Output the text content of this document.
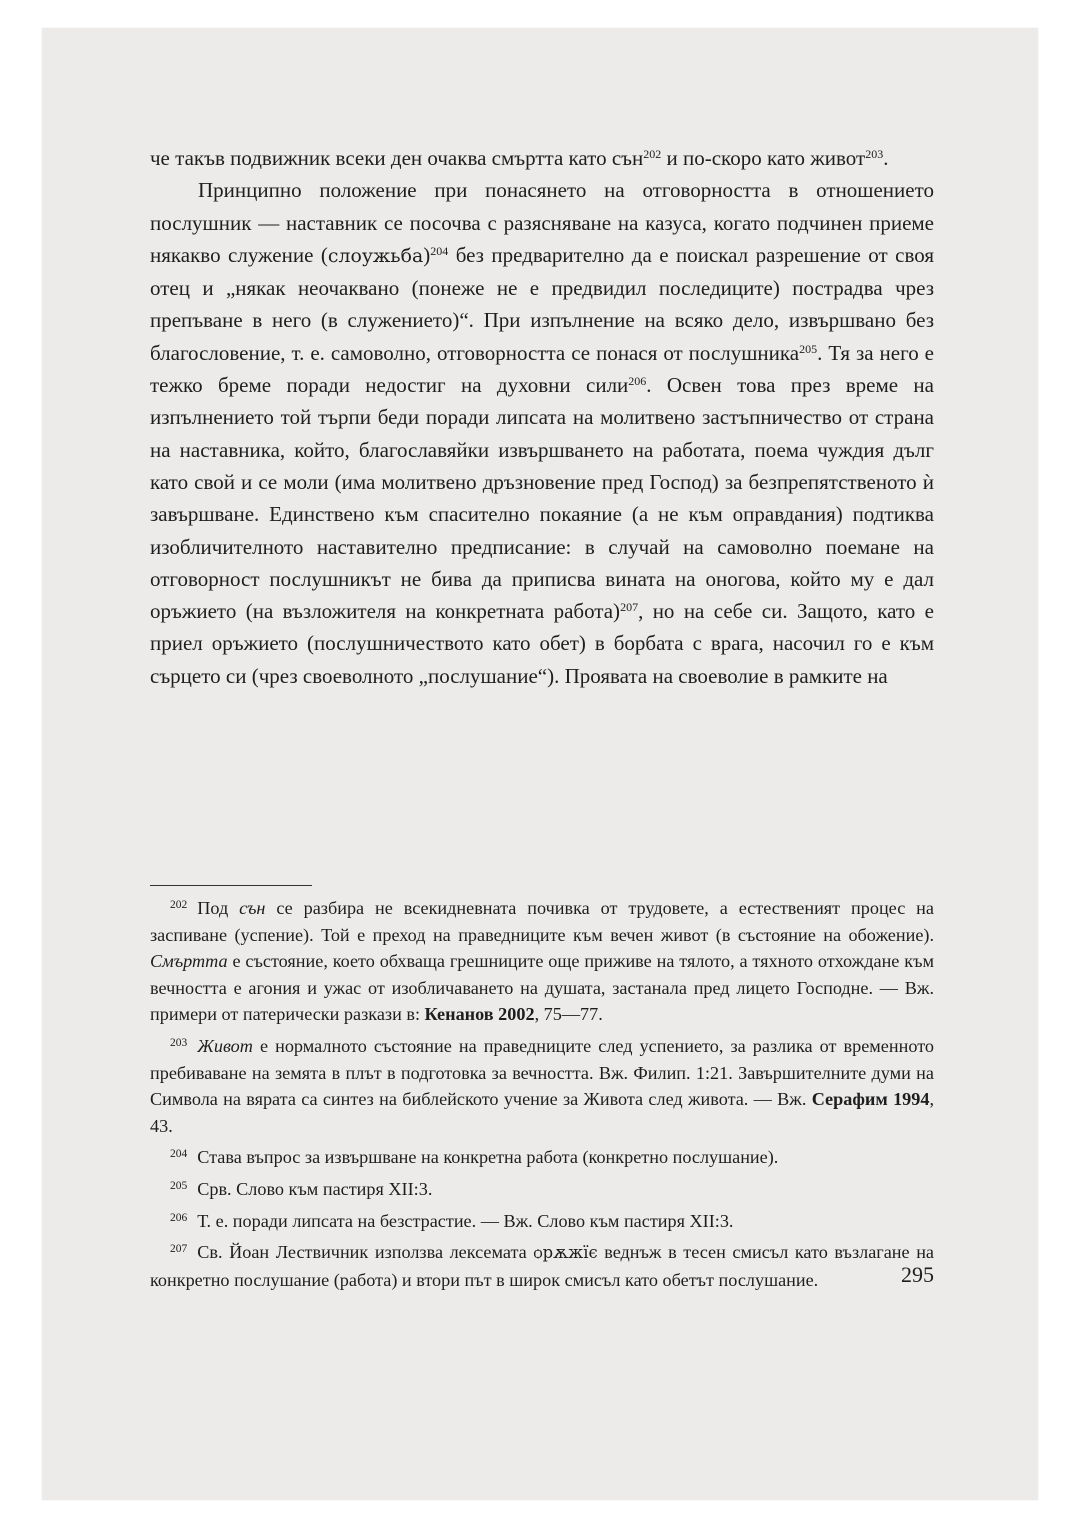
че такъв подвижник всеки ден очаква смъртта като сън$^{202}$ и по-скоро като живот$^{203}$.

Принципно положение при понасянето на отговорността в отношението послушник — наставник се посочва с разясняване на казуса, когато подчинен приеме някакво служение (слоужьба)$^{204}$ без предварително да е поискал разрешение от своя отец и „някак неочаквано (понеже не е предвидил последиците) пострадва чрез препъване в него (в служението)“. При изпълнение на всяко дело, извършвано без благословение, т. е. самоволно, отговорността се понася от послушника$^{205}$. Тя за него е тежко бреме поради недостиг на духовни сили$^{206}$. Освен това през време на изпълнението той търпи беди поради липсата на молитвено застъпничество от страна на наставника, който, благославяйки извършването на работата, поема чуждия дълг като свой и се моли (има молитвено дръзновение пред Господ) за безпрепятственото ѝ завършване. Единствено към спасително покаяние (а не към оправдания) подтиква изобличителното наставително предписание: в случай на самоволно поемане на отговорност послушникът не бива да приписва вината на оногова, който му е дал оръжието (на възложителя на конкретната работа)$^{207}$, но на себе си. Защото, като е приел оръжието (послушничеството като обет) в борбата с врага, насочил го е към сърцето си (чрез своеволното „послушание“). Проявата на своеволие в рамките на

202 Под сън се разбира не всекидневната почивка от трудовете, а естественият процес на заспиване (успение). Той е преход на праведниците към вечен живот (в състояние на обожение). Смъртта е състояние, което обхваща грешниците още приживе на тялото, а тяхното отхождане към вечността е агония и ужас от изобличаването на душата, застанала пред лицето Господне. — Вж. примери от патерически разкази в: Кенанов 2002, 75—77.

203 Живот е нормалното състояние на праведниците след успението, за разлика от временното пребиваване на земята в плът в подготовка за вечността. Вж. Филип. 1:21. Завършителните думи на Символа на вярата са синтез на библейското учение за Живота след живота. — Вж. Серафим 1994, 43.

204 Става въпрос за извършване на конкретна работа (конкретно послушание).

205 Срв. Слово към пастиря XII:3.

206 Т. е. поради липсата на безстрастие. — Вж. Слово към пастиря XII:3.

207 Св. Йоан Лествичник използва лексемата ѻрѫжїє веднъж в тесен смисъл като възлагане на конкретно послушание (работа) и втори път в широк смисъл като обетът послушание.	295
